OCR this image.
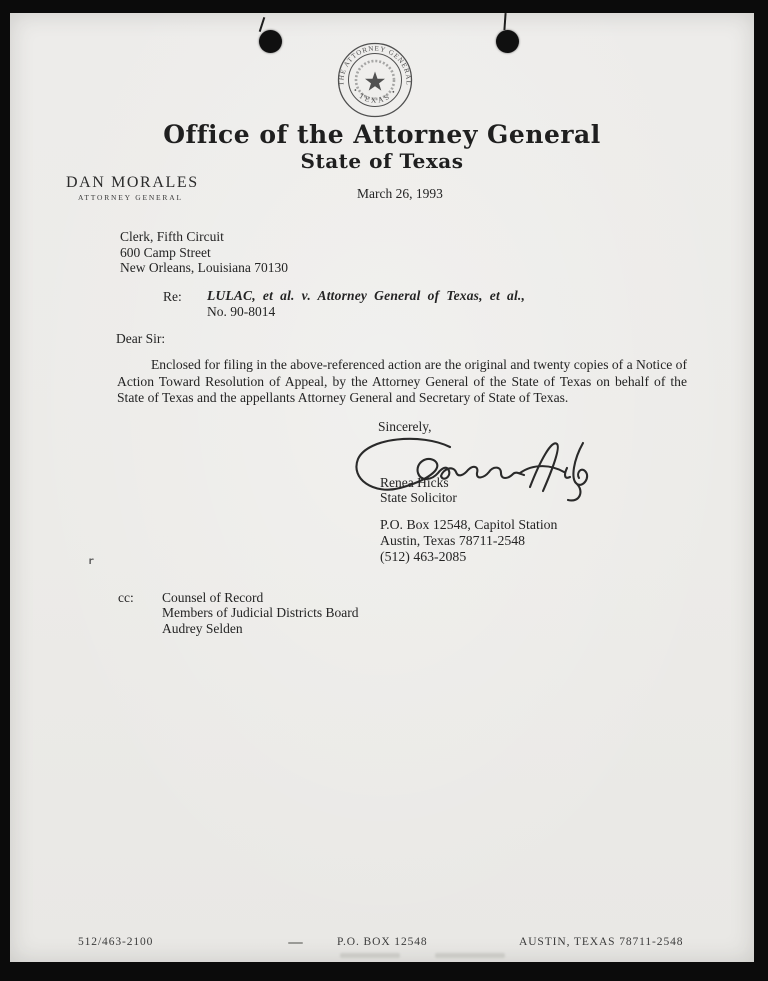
THE ATTORNEY GENERAL
• TEXAS •
Office of the Attorney General
State of Texas
DAN MORALES
ATTORNEY GENERAL	March 26, 1993
Clerk, Fifth Circuit
600 Camp Street
New Orleans, Louisiana 70130
Re: LULAC, et al. v. Attorney General of Texas, et al.,
No. 90-8014
Dear Sir:
Enclosed for filing in the above-referenced action are the original and twenty copies of a Notice of Action Toward Resolution of Appeal, by the Attorney General of the State of Texas on behalf of the State of Texas and the appellants Attorney General and Secretary of State of Texas.
Sincerely,
Renea Hicks
State Solicitor
P.O. Box 12548, Capitol Station
Austin, Texas 78711-2548
(512) 463-2085
r
cc: Counsel of Record
Members of Judicial Districts Board
Audrey Selden
512/463-2100	P.O. BOX 12548	AUSTIN, TEXAS 78711-2548
